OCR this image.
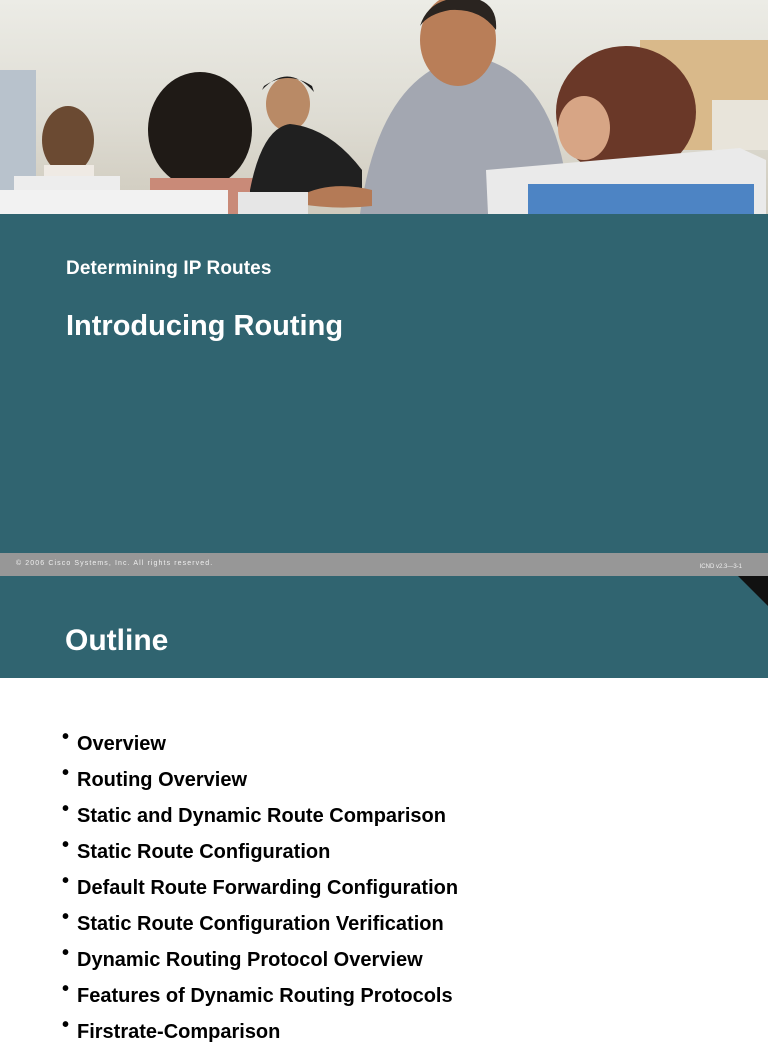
Determining IP Routes
Introducing Routing
© 2006 Cisco Systems, Inc. All rights reserved.	ICND v2.3—3-1
Outline
• Overview
• Routing Overview
• Static and Dynamic Route Comparison
• Static Route Configuration
• Default Route Forwarding Configuration
• Static Route Configuration Verification
• Dynamic Routing Protocol Overview
• Features of Dynamic Routing Protocols
• Firstrate-Comparison
